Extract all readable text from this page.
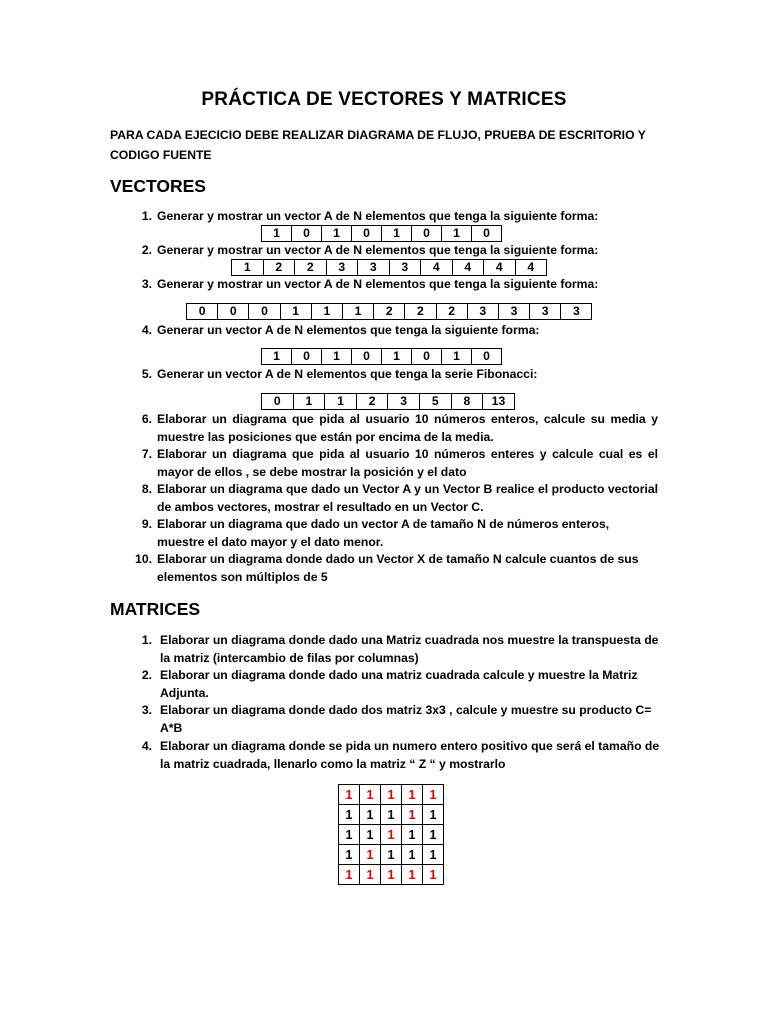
PRÁCTICA DE VECTORES Y MATRICES
PARA CADA EJECICIO DEBE REALIZAR DIAGRAMA DE FLUJO, PRUEBA DE ESCRITORIO Y CODIGO FUENTE
VECTORES
1. Generar y mostrar un vector A de N elementos que tenga la siguiente forma:
1	0	1	0	1	0	1	0
2. Generar y mostrar un vector A de N elementos que tenga la siguiente forma:
1	2	2	3	3	3	4	4	4	4
3. Generar y mostrar un vector A de N elementos que tenga la siguiente forma:
0	0	0	1	1	1	2	2	2	3	3	3	3
4. Generar un vector A de N elementos que tenga la siguiente forma:
1	0	1	0	1	0	1	0
5. Generar un vector A de N elementos que tenga la serie Fibonacci:
0	1	1	2	3	5	8	13
6. Elaborar un diagrama que pida al usuario 10 números enteros, calcule su media y muestre las posiciones que están por encima de la media.
7. Elaborar un diagrama que pida al usuario 10 números enteres y calcule cual es el mayor de ellos , se debe mostrar la posición y el dato
8. Elaborar un diagrama que dado un Vector A y un Vector B realice el producto vectorial de ambos vectores, mostrar el resultado en un Vector C.
9. Elaborar un diagrama que dado un vector A de tamaño N de números enteros, muestre el dato mayor y el dato menor.
10. Elaborar un diagrama donde dado un Vector X de tamaño N calcule cuantos de sus elementos son múltiplos de 5
MATRICES
1. Elaborar un diagrama donde dado una Matriz cuadrada nos muestre la transpuesta de la matriz (intercambio de filas por columnas)
2. Elaborar un diagrama donde dado una matriz cuadrada calcule y muestre la Matriz Adjunta.
3. Elaborar un diagrama donde dado dos matriz 3x3 , calcule y muestre su producto C= A*B
4. Elaborar un diagrama donde se pida un numero entero positivo que será el tamaño de la matriz cuadrada, llenarlo como la matriz “ Z “ y mostrarlo
1	1	1	1	1
1	1	1	1	1
1	1	1	1	1
1	1	1	1	1
1	1	1	1	1
